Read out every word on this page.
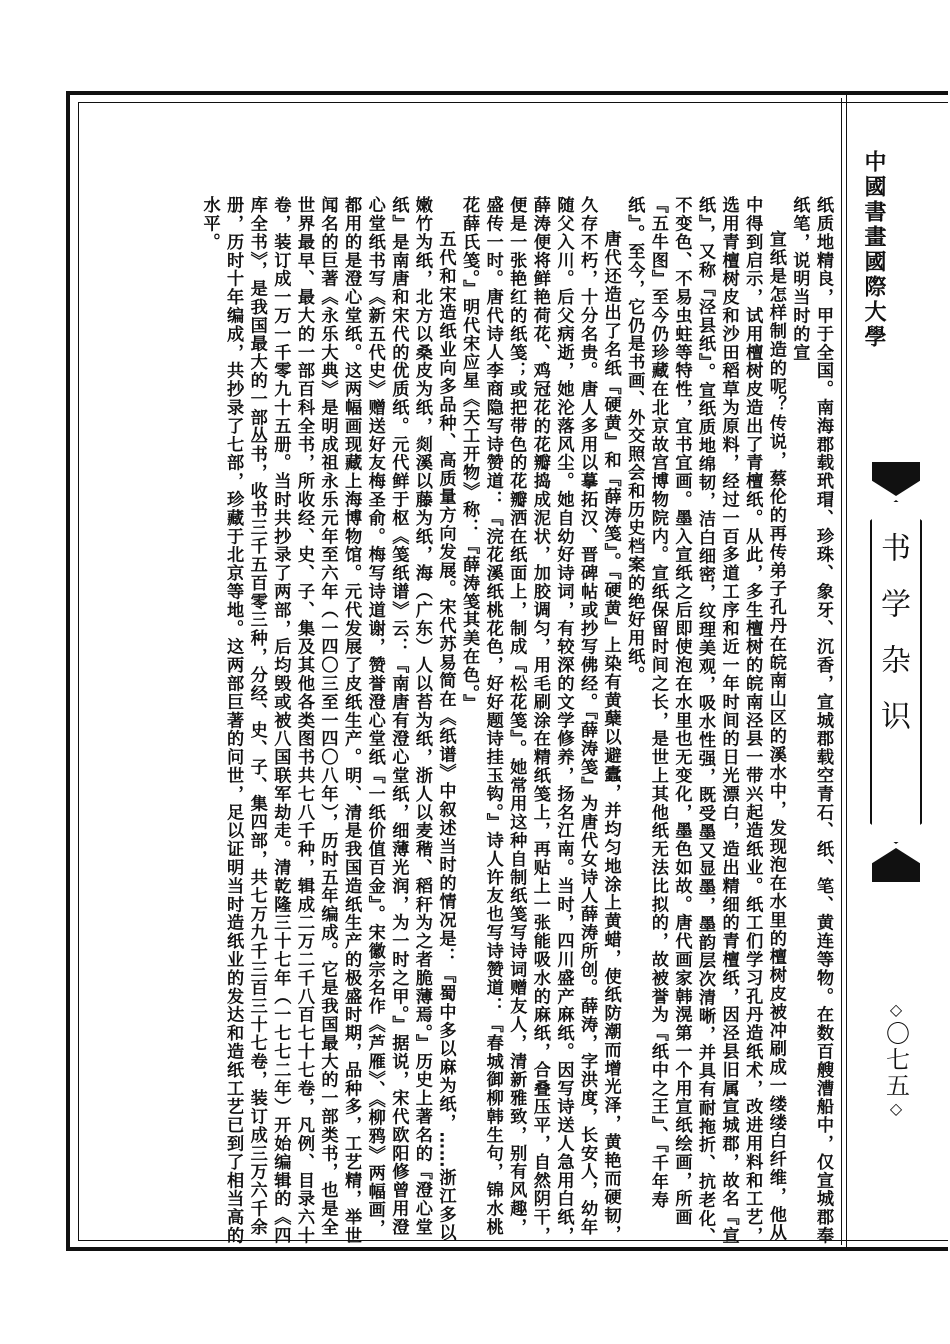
中國書畫國際大學
书学杂识
◇
〇七五
◇

纸质地精良，甲于全国。南海郡载玳瑁、珍珠、象牙、沉香，宣城郡载空青石、纸、笔、黄连等物。在数百艘漕船中，仅宣城郡奉纸笔，说明当时的宣

宣纸是怎样制造的呢？传说，蔡伦的再传弟子孔丹在皖南山区的溪水中，发现泡在水里的檀树皮被冲刷成一缕缕白纤维，他从中得到启示，试用檀树皮造出了青檀纸。从此，多生檀树的皖南泾县一带兴起造纸业。纸工们学习孔丹造纸术，改进用料和工艺，选用青檀树皮和沙田稻草为原料，经过一百多道工序和近一年时间的日光漂白，造出精细的青檀纸，因泾县旧属宣城郡，故名『宣纸』，又称『泾县纸』。宣纸质地绵韧，洁白细密，纹理美观，吸水性强，既受墨又显墨，墨韵层次清晰，并具有耐拖折、抗老化、不变色、不易虫蛀等特性，宜书宜画。墨入宣纸之后即使泡在水里也无变化，墨色如故。唐代画家韩滉第一个用宣纸绘画，所画『五牛图』至今仍珍藏在北京故宫博物院内。宣纸保留时间之长，是世上其他纸无法比拟的，故被誉为『纸中之王』、『千年寿纸』。至今，它仍是书画、外交照会和历史档案的绝好用纸。

唐代还造出了名纸『硬黄』和『薛涛笺』。『硬黄』上染有黄蘖以避蠹，并均匀地涂上黄蜡，使纸防潮而增光泽，黄艳而硬韧，久存不朽，十分名贵。唐人多用以摹拓汉、晋碑帖或抄写佛经。『薛涛笺』为唐代女诗人薛涛所创。薛涛，字洪度，长安人，幼年随父入川。后父病逝，她沦落风尘。她自幼好诗词，有较深的文学修养，扬名江南。当时，四川盛产麻纸。因写诗送人急用白纸，薛涛便将鲜艳荷花、鸡冠花的花瓣捣成泥状，加胶调匀，用毛刷涂在精纸笺上，再贴上一张能吸水的麻纸，合叠压平，自然阴干，便是一张艳红的纸笺；或把带色的花瓣洒在纸面上，制成『松花笺』。她常用这种自制纸笺写诗词赠友人，清新雅致，别有风趣，盛传一时。唐代诗人李商隐写诗赞道：『浣花溪纸桃花色，好好题诗挂玉钩。』诗人许友也写诗赞道：『春城御柳韩生句，锦水桃花薛氏笺。』明代宋应星《天工开物》称：『薛涛笺其美在色。』

五代和宋造纸业向多品种、高质量方向发展。宋代苏易简在《纸谱》中叙述当时的情况是：『蜀中多以麻为纸，……浙江多以嫩竹为纸，北方以桑皮为纸，剡溪以藤为纸，海（广东）人以苔为纸，浙人以麦稭、稻秆为之者脆薄焉。』历史上著名的『澄心堂纸』是南唐和宋代的优质纸。元代鲜于枢《笺纸谱》云：『南唐有澄心堂纸，细薄光润，为一时之甲。』据说，宋代欧阳修曾用澄心堂纸书写《新五代史》赠送好友梅圣俞。梅写诗道谢，赞誉澄心堂纸『一纸价值百金』。宋徽宗名作《芦雁》、《柳鸦》两幅画，都用的是澄心堂纸。这两幅画现藏上海博物馆。元代发展了皮纸生产。明、清是我国造纸生产的极盛时期，品种多，工艺精，举世闻名的巨著《永乐大典》是明成祖永乐元年至六年（一四〇三至一四〇八年），历时五年编成。它是我国最大的一部类书，也是全世界最早、最大的一部百科全书，所收经、史、子、集及其他各类图书共七八千种，辑成二万二千八百七十七卷，凡例、目录六十卷，装订成一万一千零九十五册。当时共抄录了两部，后均毁或被八国联军劫走。清乾隆三十七年（一七七二年）开始编辑的《四库全书》，是我国最大的一部丛书，收书三千五百零三种，分经、史、子、集四部，共七万九千三百三十七卷，装订成三万六千余册，历时十年编成，共抄录了七部，珍藏于北京等地。这两部巨著的问世，足以证明当时造纸业的发达和造纸工艺已到了相当高的水平。
